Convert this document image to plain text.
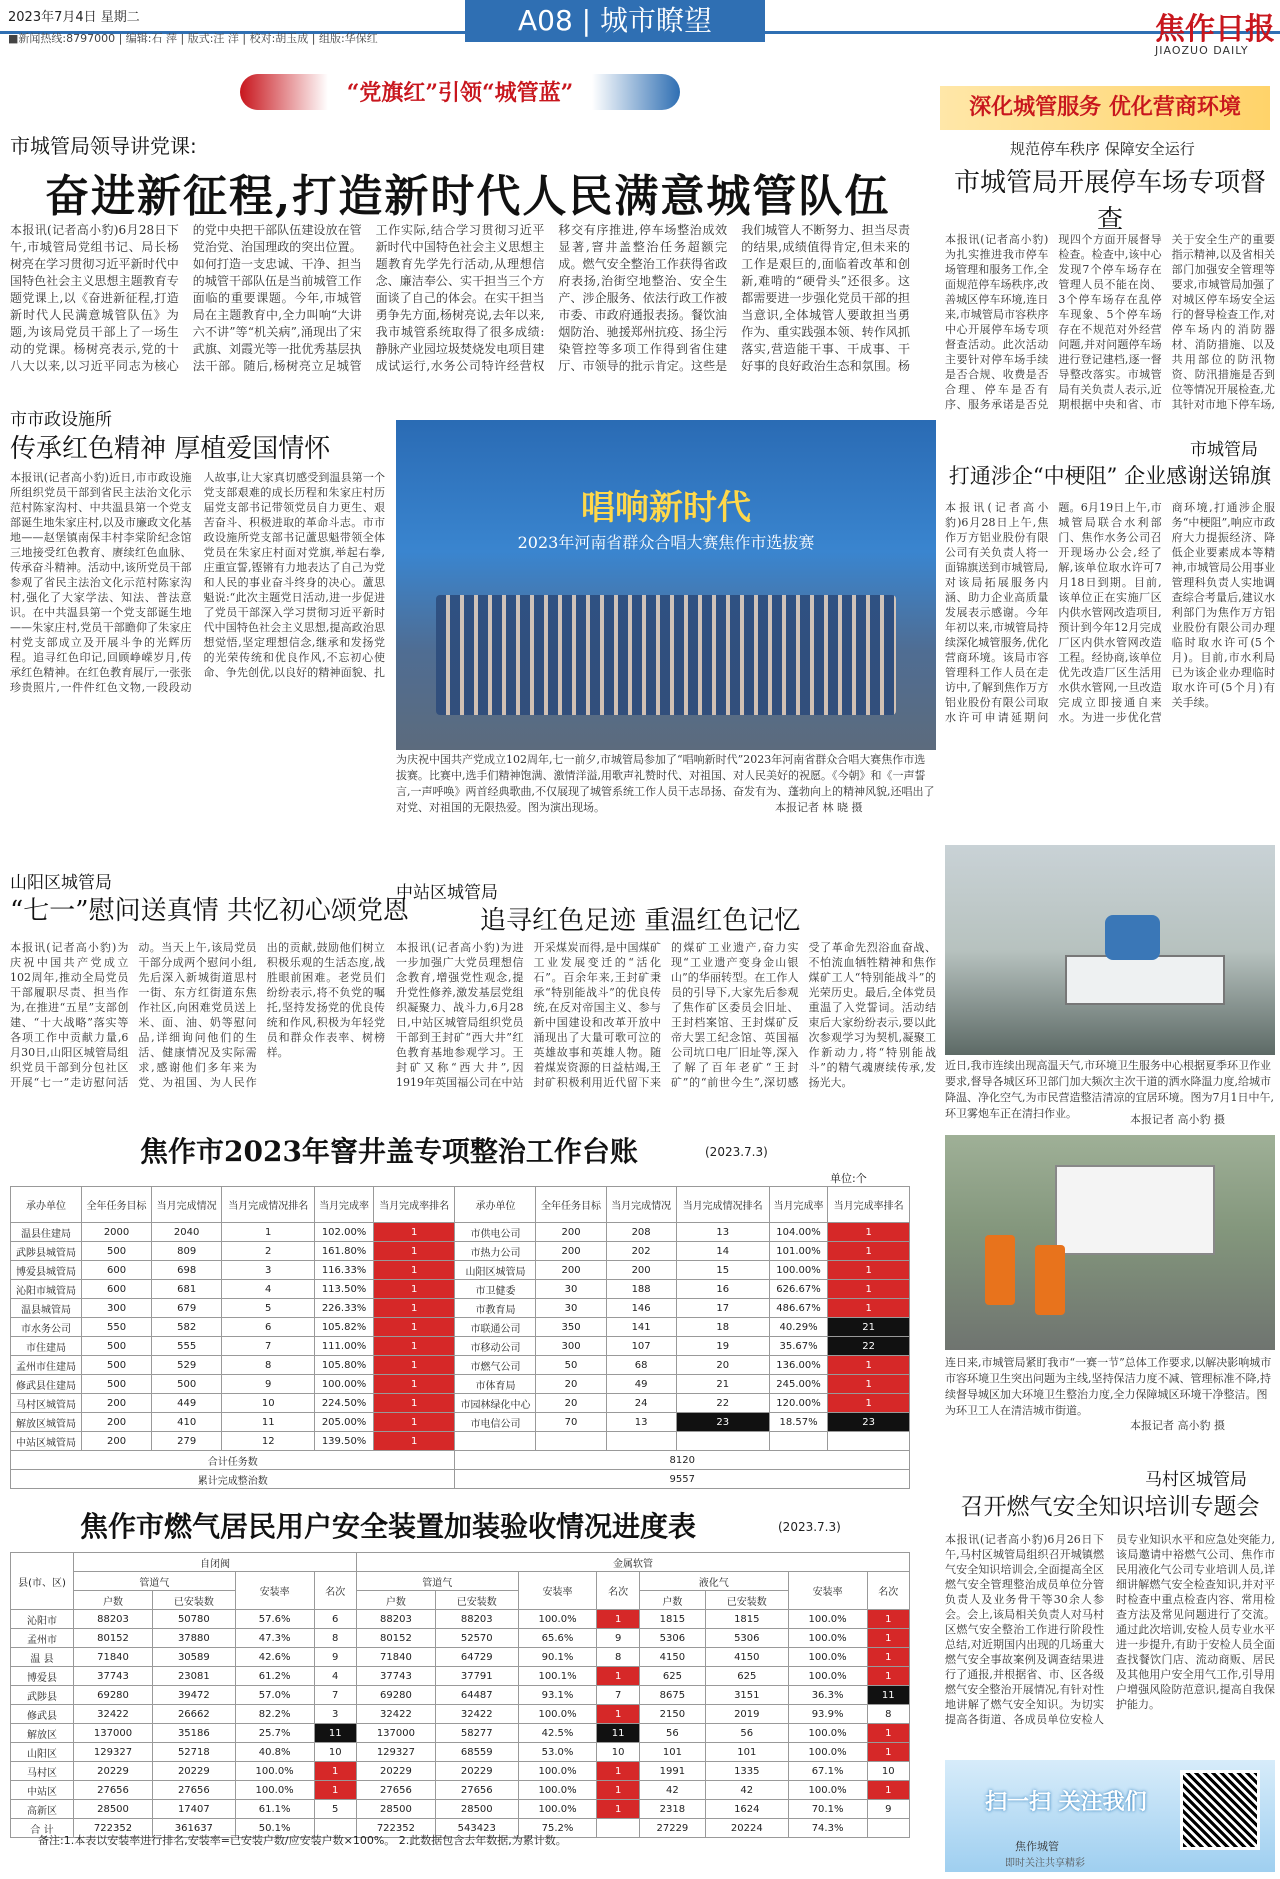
2023年7月4日 星期二	A08 | 城市瞭望	焦作日报
JIAOZUO DAILY
■新闻热线:8797000 | 编辑:石 萍 | 版式:汪 洋 | 校对:胡玉成 | 组版:华保红
“党旗红”引领“城管蓝”
深化城管服务 优化营商环境
市城管局领导讲党课:
奋进新征程,打造新时代人民满意城管队伍
本报讯(记者高小豹)6月28日下午,市城管局党组书记、局长杨树亮在学习贯彻习近平新时代中国特色社会主义思想主题教育专题党课上,以《奋进新征程,打造新时代人民满意城管队伍》为题,为该局党员干部上了一场生动的党课。杨树亮表示,党的十八大以来,以习近平同志为核心的党中央把干部队伍建设放在管党治党、治国理政的突出位置。如何打造一支忠诚、干净、担当的城管干部队伍是当前城管工作面临的重要课题。今年,市城管局在主题教育中,全力叫响“大讲六不讲”等“机关病”,涌现出了宋武旗、刘霞光等一批优秀基层执法干部。随后,杨树亮立足城管工作实际,结合学习贯彻习近平新时代中国特色社会主义思想主题教育先学先行活动,从理想信念、廉洁奉公、实干担当三个方面谈了自己的体会。在实干担当勇争先方面,杨树亮说,去年以来,我市城管系统取得了很多成绩:静脉产业园垃圾焚烧发电项目建成试运行,水务公司特许经营权移交有序推进,停车场整治成效显著,窨井盖整治任务超额完成。燃气安全整治工作获得省政府表扬,治街空地整治、安全生产、涉企服务、依法行政工作被市委、市政府通报表扬。餐饮油烟防治、驰援郑州抗疫、扬尘污染管控等多项工作得到省住建厅、市领导的批示肯定。这些是我们城管人不断努力、担当尽责的结果,成绩值得肯定,但未来的工作是艰巨的,面临着改革和创新,难啃的“硬骨头”还很多。这都需要进一步强化党员干部的担当意识,全体城管人要敢担当勇作为、重实践强本领、转作风抓落实,营造能干事、干成事、干好事的良好政治生态和氛围。杨
规范停车秩序 保障安全运行
市城管局开展停车场专项督查
本报讯(记者高小豹)为扎实推进我市停车场管理和服务工作,全面规范停车场秩序,改善城区停车环境,连日来,市城管局市容秩序中心开展停车场专项督查活动。此次活动主要针对停车场手续是否合规、收费是否合理、停车是否有序、服务承诺是否兑现四个方面开展督导检查。检查中,该中心发现7个停车场存在管理人员不能在岗、3个停车场存在乱停车现象、5个停车场存在不规范对外经营问题,并对问题停车场进行登记建档,逐一督导整改落实。市城管局有关负责人表示,近期根据中央和省、市关于安全生产的重要指示精神,以及省相关部门加强安全管理等要求,市城管局加强了对城区停车场安全运行的督导检查工作,对停车场内的消防器材、消防措施、以及共用部位的防汛物资、防汛措施是否到位等情况开展检查,尤其针对市地下停车场,
市市政设施所
传承红色精神 厚植爱国情怀
本报讯(记者高小豹)近日,市市政设施所组织党员干部到省民主法治文化示范村陈家沟村、中共温县第一个党支部诞生地朱家庄村,以及市廉政文化基地——赵堡镇南保丰村李棠阶纪念馆三地接受红色教育、赓续红色血脉、传承奋斗精神。活动中,该所党员干部参观了省民主法治文化示范村陈家沟村,强化了大家学法、知法、普法意识。在中共温县第一个党支部诞生地——朱家庄村,党员干部瞻仰了朱家庄村党支部成立及开展斗争的光辉历程。追寻红色印记,回顾峥嵘岁月,传承红色精神。在红色教育展厅,一张张珍贵照片,一件件红色文物,一段段动人故事,让大家真切感受到温县第一个党支部艰难的成长历程和朱家庄村历届党支部书记带领党员自力更生、艰苦奋斗、积极进取的革命斗志。市市政设施所党支部书记蘆思魁带领全体党员在朱家庄村面对党旗,举起右拳,庄重宣誓,铿锵有力地表达了自己为党和人民的事业奋斗终身的决心。蘆思魁说:“此次主题党日活动,进一步促进了党员干部深入学习贯彻习近平新时代中国特色社会主义思想,提高政治思想觉悟,坚定理想信念,继承和发扬党的光荣传统和优良作风,不忘初心使命、争先创优,以良好的精神面貌、扎
唱响新时代
2023年河南省群众合唱大赛焦作市选拔赛
为庆祝中国共产党成立102周年,七一前夕,市城管局参加了“唱响新时代”2023年河南省群众合唱大赛焦作市选拔赛。比赛中,选手们精神饱满、激情洋溢,用歌声礼赞时代、对祖国、对人民美好的祝愿。《今朝》和《一声誓言,一声呼唤》两首经典歌曲,不仅展现了城管系统工作人员干志昂扬、奋发有为、蓬勃向上的精神风貌,还唱出了对党、对祖国的无限热爱。图为演出现场。	本报记者 林 晓 摄
市城管局
打通涉企“中梗阻” 企业感谢送锦旗
本报讯(记者高小豹)6月28日上午,焦作万方铝业股份有限公司有关负责人将一面锦旗送到市城管局,对该局拓展服务内涵、助力企业高质量发展表示感谢。今年年初以来,市城管局持续深化城管服务,优化营商环境。该局市容管理科工作人员在走访中,了解到焦作万方铝业股份有限公司取水许可申请延期问题。6月19日上午,市城管局联合水利部门、焦作水务公司召开现场办公会,经了解,该单位取水许可7月18日到期。目前,该单位正在实施厂区内供水管网改造项目,预计到今年12月完成厂区内供水管网改造工程。经协商,该单位优先改造厂区生活用水供水管网,一旦改造完成立即接通自来水。为进一步优化营商环境,打通涉企服务“中梗阻”,响应市政府大力提振经济、降低企业要素成本等精神,市城管局公用事业管理科负责人实地调查综合考量后,建议水利部门为焦作万方铝业股份有限公司办理临时取水许可(5个月)。目前,市水利局已为该企业办理临时取水许可(5个月)有关手续。
近日,我市连续出现高温天气,市环境卫生服务中心根据夏季环卫作业要求,督导各城区环卫部门加大频次主次干道的洒水降温力度,给城市降温、净化空气,为市民营造整洁清凉的宜居环境。图为7月1日中午,环卫雾炮车正在清扫作业。	本报记者 高小豹 摄
山阳区城管局
“七一”慰问送真情 共忆初心颂党恩
本报讯(记者高小豹)为庆祝中国共产党成立102周年,推动全局党员干部履职尽责、担当作为,在推进“五星”支部创建、“十大战略”落实等各项工作中贡献力量,6月30日,山阳区城管局组织党员干部到分包社区开展“七一”走访慰问活动。当天上午,该局党员干部分成两个慰问小组,先后深入新城街道思村一街、东方红街道东焦作社区,向困难党员送上米、面、油、奶等慰问品,详细询问他们的生活、健康情况及实际需求,感谢他们多年来为党、为祖国、为人民作出的贡献,鼓励他们树立积极乐观的生活态度,战胜眼前困难。老党员们纷纷表示,将不负党的嘱托,坚持发扬党的优良传统和作风,积极为年轻党员和群众作表率、树榜样。
中站区城管局
追寻红色足迹 重温红色记忆
本报讯(记者高小豹)为进一步加强广大党员理想信念教育,增强党性观念,提升党性修养,激发基层党组织凝聚力、战斗力,6月28日,中站区城管局组织党员干部到王封矿“西大井”红色教育基地参观学习。王封矿又称“西大井”,因1919年英国福公司在中站开采煤炭而得,是中国煤矿工业发展变迁的“活化石”。百余年来,王封矿秉承“特别能战斗”的优良传统,在反对帝国主义、参与新中国建设和改革开放中涌现出了大量可歌可泣的英雄故事和英雄人物。随着煤炭资源的日益枯竭,王封矿积极利用近代留下来的煤矿工业遗产,奋力实现“工业遗产变身金山银山”的华丽转型。在工作人员的引导下,大家先后参观了焦作矿区委员会旧址、王封档案馆、王封煤矿反帝大罢工纪念馆、英国福公司坑口电厂旧址等,深入了解了百年老矿“王封矿”的“前世今生”,深切感受了革命先烈浴血奋战、不怕流血牺牲精神和焦作煤矿工人“特别能战斗”的光荣历史。最后,全体党员重温了入党誓词。活动结束后大家纷纷表示,要以此次参观学习为契机,凝聚工作新动力,将“特别能战斗”的精气魂赓续传承,发扬光大。
焦作市2023年窨井盖专项整治工作台账	(2023.7.3)
单位:个
承办单位	全年任务目标	当月完成情况	当月完成情况排名	当月完成率	当月完成率排名	承办单位	全年任务目标	当月完成情况	当月完成情况排名	当月完成率	当月完成率排名
温县住建局	2000	2040	1	102.00%	1	市供电公司	200	208	13	104.00%	1
武陟县城管局	500	809	2	161.80%	1	市热力公司	200	202	14	101.00%	1
博爱县城管局	600	698	3	116.33%	1	山阳区城管局	200	200	15	100.00%	1
沁阳市城管局	600	681	4	113.50%	1	市卫健委	30	188	16	626.67%	1
温县城管局	300	679	5	226.33%	1	市教育局	30	146	17	486.67%	1
市水务公司	550	582	6	105.82%	1	市联通公司	350	141	18	40.29%	21
市住建局	500	555	7	111.00%	1	市移动公司	300	107	19	35.67%	22
孟州市住建局	500	529	8	105.80%	1	市燃气公司	50	68	20	136.00%	1
修武县住建局	500	500	9	100.00%	1	市体育局	20	49	21	245.00%	1
马村区城管局	200	449	10	224.50%	1	市园林绿化中心	20	24	22	120.00%	1
解放区城管局	200	410	11	205.00%	1	市电信公司	70	13	23	18.57%	23
中站区城管局	200	279	12	139.50%	1						
合计任务数						8120					
累计完成整治数						9557					
连日来,市城管局紧盯我市“一赛一节”总体工作要求,以解决影响城市市容环境卫生突出问题为主线,坚持保洁力度不减、管理标准不降,持续督导城区加大环境卫生整治力度,全力保障城区环境干净整洁。图为环卫工人在清洁城市街道。
本报记者 高小豹 摄
焦作市燃气居民用户安全装置加装验收情况进度表	(2023.7.3)
县(市、区)	自闭阀				金属软管							
	管道气		安装率	名次	管道气		安装率	名次	液化气		安装率	名次
	户数	已安装数			户数	已安装数			户数	已安装数		
沁阳市	88203	50780	57.6%	6	88203	88203	100.0%	1	1815	1815	100.0%	1
孟州市	80152	37880	47.3%	8	80152	52570	65.6%	9	5306	5306	100.0%	1
温 县	71840	30589	42.6%	9	71840	64729	90.1%	8	4150	4150	100.0%	1
博爱县	37743	23081	61.2%	4	37743	37791	100.1%	1	625	625	100.0%	1
武陟县	69280	39472	57.0%	7	69280	64487	93.1%	7	8675	3151	36.3%	11
修武县	32422	26662	82.2%	3	32422	32422	100.0%	1	2150	2019	93.9%	8
解放区	137000	35186	25.7%	11	137000	58277	42.5%	11	56	56	100.0%	1
山阳区	129327	52718	40.8%	10	129327	68559	53.0%	10	101	101	100.0%	1
马村区	20229	20229	100.0%	1	20229	20229	100.0%	1	1991	1335	67.1%	10
中站区	27656	27656	100.0%	1	27656	27656	100.0%	1	42	42	100.0%	1
高新区	28500	17407	61.1%	5	28500	28500	100.0%	1	2318	1624	70.1%	9
合 计	722352	361637	50.1%		722352	543423	75.2%		27229	20224	74.3%	
备注:1.本表以安装率进行排名,安装率=已安装户数/应安装户数×100%。 2.此数据包含去年数据,为累计数。
马村区城管局
召开燃气安全知识培训专题会
本报讯(记者高小豹)6月26日下午,马村区城管局组织召开城镇燃气安全知识培训会,全面提高全区燃气安全管理整治成员单位分管负责人及业务骨干等30余人参会。会上,该局相关负责人对马村区燃气安全整治工作进行阶段性总结,对近期国内出现的几场重大燃气安全事故案例及调查结果进行了通报,并根据省、市、区各级燃气安全整治开展情况,有针对性地讲解了燃气安全知识。为切实提高各街道、各成员单位安检人员专业知识水平和应急处突能力,该局邀请中裕燃气公司、焦作市民用液化气公司专业培训人员,详细讲解燃气安全检查知识,并对平时检查中重点检查内容、常用检查方法及常见问题进行了交流。通过此次培训,安检人员专业水平进一步提升,有助于安检人员全面查找餐饮门店、流动商贩、居民及其他用户安全用气工作,引导用户增强风险防范意识,提高自我保护能力。
扫一扫 关注我们
焦作城管
即时关注共享精彩
